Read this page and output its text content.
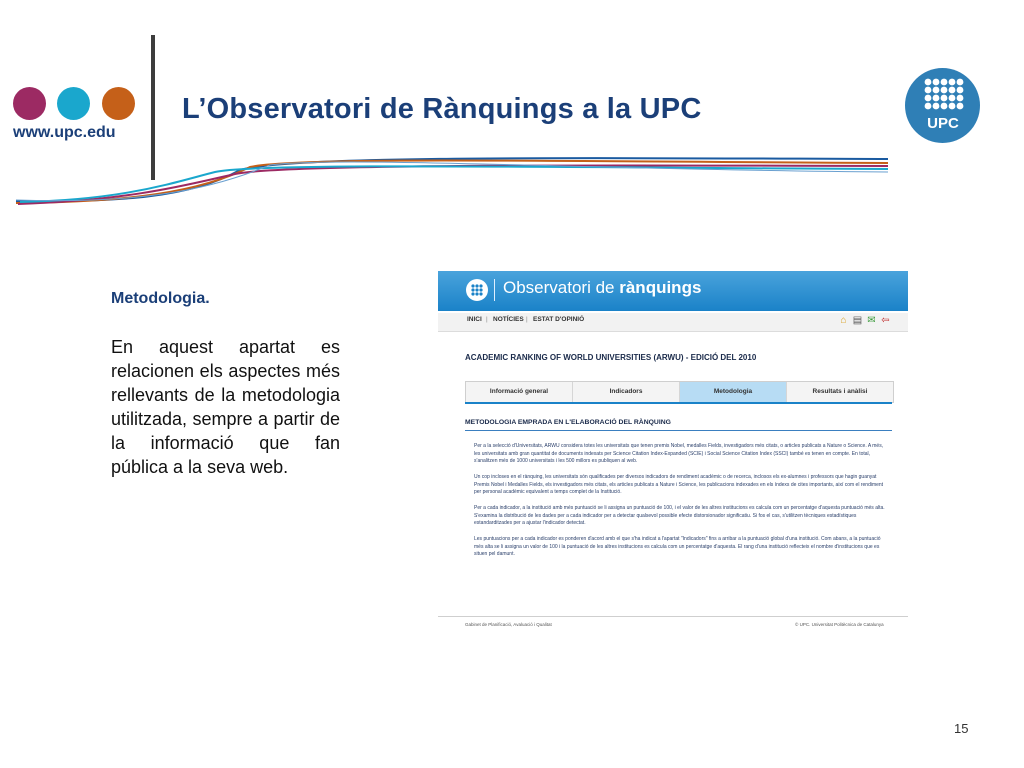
www.upc.edu
L’Observatori de Rànquings a la UPC	UPC
Metodologia.
En aquest apartat es relacionen els aspectes més rellevants de la metodologia utilitzada, sempre a partir de la informació que fan pública a la seva web.
Observatori de rànquings
INICI | NOTÍCIES | ESTAT D'OPINIÓ	⌂ ▤ ✉ ⇦
ACADEMIC RANKING OF WORLD UNIVERSITIES (ARWU) - EDICIÓ DEL 2010
Informació general	Indicadors	Metodologia	Resultats i anàlisi
METODOLOGIA EMPRADA EN L'ELABORACIÓ DEL RÀNQUING

Per a la selecció d'Universitats, ARWU considera totes les universitats que tenen premis Nobel, medalles Fields, investigadors més citats, o articles publicats a Nature o Science. A més, les universitats amb gran quantitat de documents indexats per Science Citation Index-Expanded (SCIE) i Social Science Citation Index (SSCI) també es tenen en compte. En total, s'analitzen més de 1000 universitats i les 500 millors es publiquen al web.

Un cop incloses en el rànquing, les universitats són qualificades per diversos indicadors de rendiment acadèmic o de recerca, inclosos els ex-alumnes i professors que hagin guanyat Premis Nobel i Medalles Fields, els investigadors més citats, els articles publicats a Nature i Science, les publicacions indexades en els índexs de cites importants, així com el rendiment per personal acadèmic equivalent a temps complet de la Institució.

Per a cada indicador, a la institució amb més puntuació se li assigna un puntuació de 100, i el valor de les altres institucions es calcula com un percentatge d'aquesta puntuació més alta. S'examina la distribució de les dades per a cada indicador per a detectar qualsevol possible efecte distorsionador significatiu. Si fos el cas, s'utilitzen tècniques estadístiques estandarditzades per a ajustar l'indicador detectat.

Les puntuacions per a cada indicador es ponderen d'acord amb el que s'ha indicat a l'apartat "Indicadors" fins a arribar a la puntuació global d'una institució. Com abans, a la puntuació més alta se li assigna un valor de 100 i la puntuació de les altres institucions es calcula com un percentatge d'aquesta. El rang d'una institució reflecteix el nombre d'institucions que es situen pel damunt.

Gabinet de Planificació, Avaluació i Qualitat	© UPC. Universitat Politècnica de Catalunya
15
